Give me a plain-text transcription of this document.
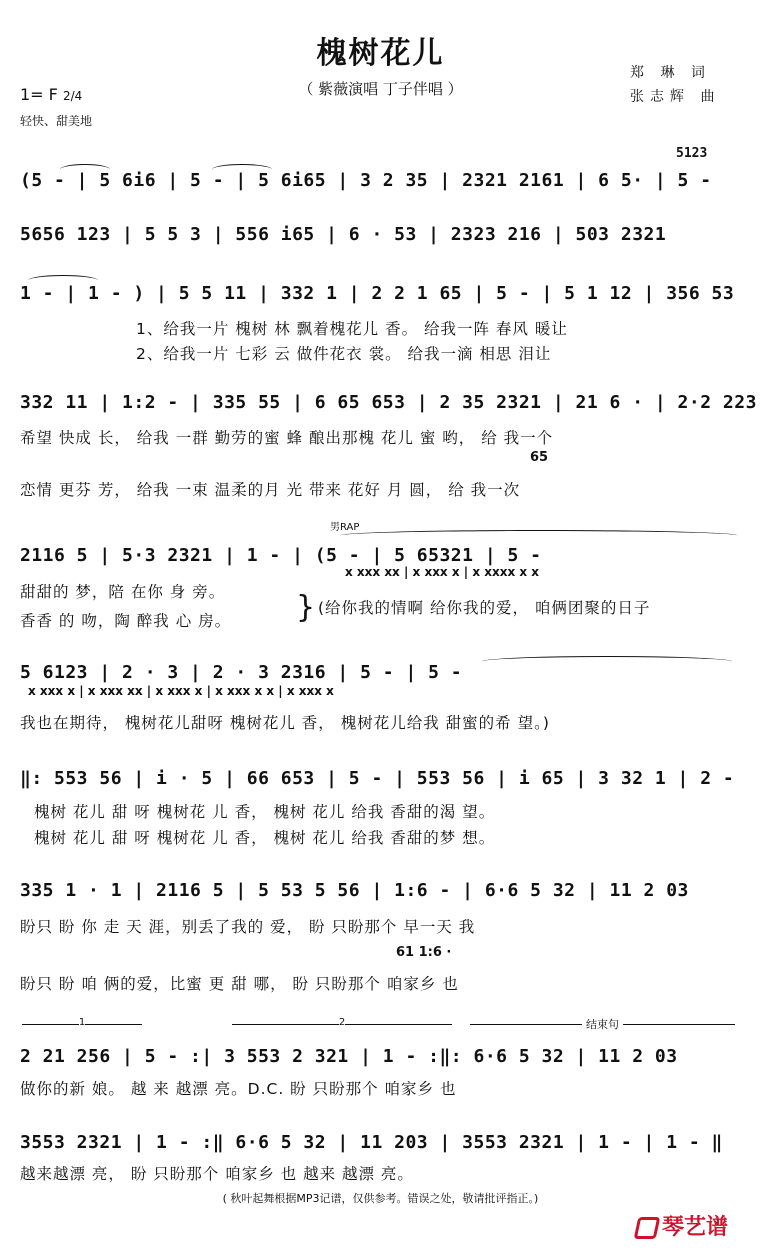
槐树花儿
（ 紫薇演唱 丁子伴唱 ）
郑 琳 词
张志辉 曲
1= F 2/4
轻快、甜美地
5123
(5 - | 5 6i6 | 5 - | 5 6i65 | 3 2 35 | 2321 2161 | 6 5· | 5 -
5656 123 | 5 5 3 | 556 i65 | 6 · 53 | 2323 216 | 503 2321
1 - | 1 - ) | 5 5 11 | 332 1 | 2 2 1 65 | 5 - | 5 1 12 | 356 53
1、给我一片 槐树 林 飘着槐花儿 香。 给我一阵 春风 暖让
2、给我一片 七彩 云 做件花衣 裳。 给我一滴 相思 泪让
332 11 | 1:2 - | 335 55 | 6 65 653 | 2 35 2321 | 21 6 · | 2·2 223
希望 快成 长， 给我 一群 勤劳的蜜 蜂 酿出那槐 花儿 蜜 哟， 给 我一个
65
恋情 更芬 芳， 给我 一束 温柔的月 光 带来 花好 月 圆， 给 我一次
男RAP
2116 5 | 5·3 2321 | 1 - | (5 - | 5 65321 | 5 -
x xxx xx | x xxx x | x xxxx x x
甜甜的 梦，陪 在你 身 旁。
香香 的 吻，陶 醉我 心 房。	} (给你我的情啊 给你我的爱， 咱俩团聚的日子
5 6123 | 2 · 3 | 2 · 3 2316 | 5 - | 5 -
x xxx x | x xxx xx | x xxx x | x xxx x x | x xxx x
我也在期待， 槐树花儿甜呀 槐树花儿 香， 槐树花儿给我 甜蜜的希 望。)
‖: 553 56 | i · 5 | 66 653 | 5 - | 553 56 | i 65 | 3 32 1 | 2 -
槐树 花儿 甜 呀 槐树花 儿 香， 槐树 花儿 给我 香甜的渴 望。
槐树 花儿 甜 呀 槐树花 儿 香， 槐树 花儿 给我 香甜的梦 想。
335 1 · 1 | 2116 5 | 5 53 5 56 | 1:6 - | 6·6 5 32 | 11 2 03
盼只 盼 你 走 天 涯，别丢了我的 爱， 盼 只盼那个 早一天 我
61 1:6 ·
盼只 盼 咱 俩的爱，比蜜 更 甜 哪， 盼 只盼那个 咱家乡 也
1	2	结束句
2 21 256 | 5 - :| 3 553 2 321 | 1 - :‖: 6·6 5 32 | 11 2 03
做你的新 娘。 越 来 越漂 亮。D.C. 盼 只盼那个 咱家乡 也
3553 2321 | 1 - :‖ 6·6 5 32 | 11 203 | 3553 2321 | 1 - | 1 - ‖
越来越漂 亮， 盼 只盼那个 咱家乡 也 越来 越漂 亮。
( 秋叶起舞根据MP3记谱，仅供参考。错误之处，敬请批评指正。)
琴艺谱
